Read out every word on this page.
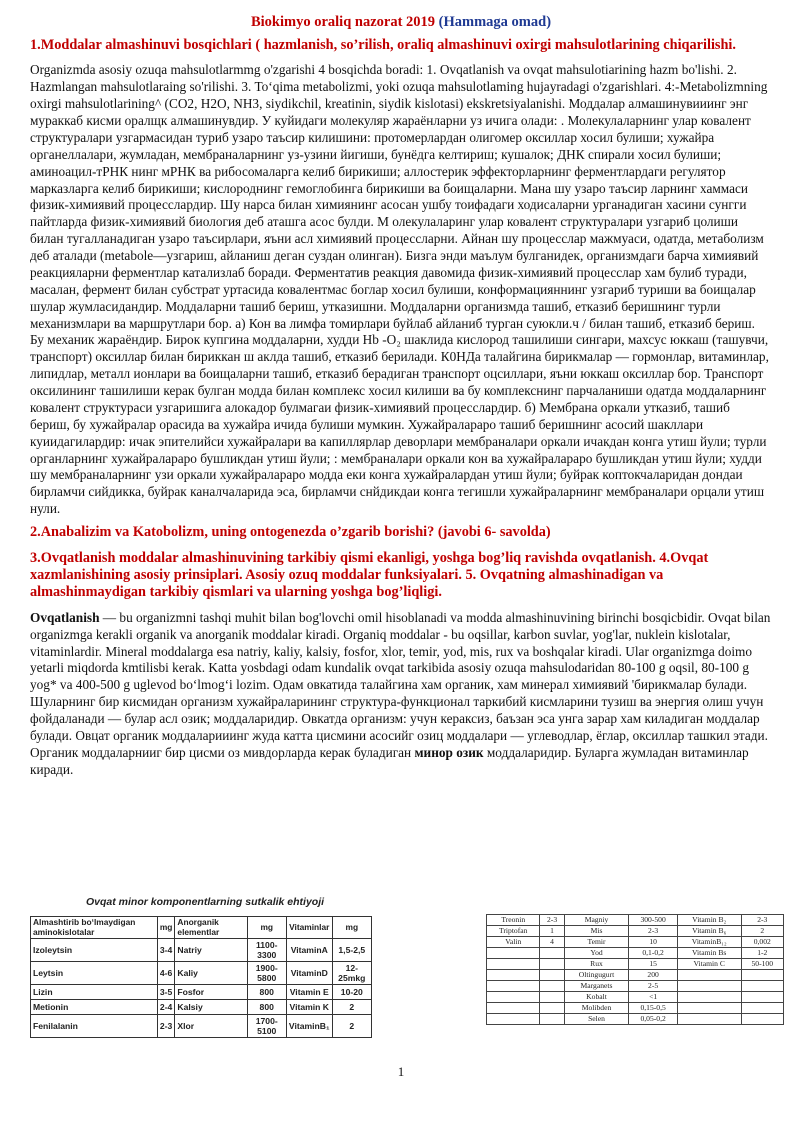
Biokimyo oraliq nazorat 2019 (Hammaga omad)
1.Moddalar almashinuvi bosqichlari ( hazmlanish, so’rilish, oraliq almashinuvi oxirgi mahsulotlarining chiqarilishi.

Organizmda asosiy ozuqa mahsulotlarmmg o'zgarishi 4 bosqichda boradi: 1. Ovqatlanish va ovqat mahsulotiarining hazm bo'lishi. 2. Hazmlangan mahsulotlaraing so'rilishi. 3. To‘qima metabolizmi, yoki ozuqa mahsulotlaming hujayradagi o'zgarishlari. 4:-Metabolizmning oxirgi mahsulotlarining^ (CO2, H2O, NH3, siydikchil, kreatinin, siydik kislotasi) ekskretsiyalanishi. Моддалар алмашинувииинг энг мураккаб кисми оралщк алмашинувдир. У куйидаги молекуляр жараёнларни уз ичига олади: . Молекулаларнинг улар ковалент структуралари узгармасидан туриб узаро таъсир килишини: протомерлардан олигомер оксиллар хосил булиши; хужайра органеллалари, жумладан, мембраналарнинг уз-узини йигиши, бунёдга келтириш; кушалок; ДНК спирали хосил булиши; аминоацил-тРНК нинг мРНК ва рибосомаларга келиб бирикиши; аллостерик эффекторларнинг ферментлардаги регулятор марказларга келиб бирикиши; кислороднинг гемоглобинга бирикиши ва боищаларни. Мана шу узаро таъсир ларнинг хаммаси физик-химиявий процесслардир. Шу нарса билан химиянинг асосан ушбу тоифадаги ходисаларни урганадиган хасини сунгги пайтларда физик-химиявий биология деб аташга асос булди. М олекулаларинг улар ковалент структуралари узгариб цолиши билан тугалланадиган узаро таъсирлари, яъни асл химиявий процессларни. Айнан шу процесслар мажмуаси, одатда, метаболизм деб аталади (metabole—узгариш, айланиш деган суздан олинган). Бизга энди маълум булганидек, организмдаги барча химиявий реакцияларни ферментлар катализлаб боради. Ферментатив реакция давомида физик-химиявий процесслар хам булиб туради, масалан, фермент билан субстрат уртасида ковалентмас боглар хосил булиши, конформацияннинг узгариб туриши ва боищалар шулар жумласидандир. Моддаларни ташиб бериш, утказишни. Моддаларни организмда ташиб, етказиб беришнинг турли механизмлари ва маршрутлари бор. а) Кон ва лимфа томирлари буйлаб айланиб турган суюкли.ч / билан ташиб, етказиб бериш. Бу механик жараёндир. Бирок купгина моддаларни, худди Hb -O₂ шаклида кислород ташилиши сингари, махсус юккаш (ташувчи, транспорт) оксиллар билан бириккан ш аклда ташиб, етказиб берилади. К0НДа талайгина бирикмалар — гормонлар, витаминлар, липидлар, металл ионлари ва боищаларни ташиб, етказиб берадиган транспорт оцсиллари, яъни юккаш оксиллар бор. Транспорт оксилининг ташилиши керак булган модда билан комплекс хосил килиши ва бу комплекснинг парчаланиши одатда моддаларнинг ковалент структураси узгаришига алокадор булмагаи физик-химиявий процесслардир. б) Мембрана оркали утказиб, ташиб бериш, бу хужайралар орасида ва хужайра ичида булиши мумкин. Хужайралараро ташиб беришнинг асосий шакллари куиидагилардир: ичак эпителийси хужайралари ва капиллярлар деворлари мембраналари оркали ичакдан конга утиш йули; турли органларнинг хужайралараро бушликдан утиш йули; : мембраналари оркали кон ва хужайралараро бушликдан утиш йули; худди шу мембраналарнинг узи оркали хужайралараро модда еки конга хужайралардан утиш йули; буйрак коптокчаларидан дондаи бирламчи сийдикка, буйрак каналчаларида эса, бирламчи снйдикдаи конга тегишли хужайраларнинг мембраналари орцали утиш нули.

2.Anabalizim va Katobolizm, uning ontogenezda o’zgarib borishi? (javobi 6- savolda)
3.Ovqatlanish moddalar almashinuvining tarkibiy qismi ekanligi, yoshga bog’liq ravishda ovqatlanish. 4.Ovqat xazmlanishining asosiy prinsiplari. Asosiy ozuq moddalar funksiyalari. 5. Ovqatning almashinadigan va almashinmaydigan tarkibiy qismlari va ularning yoshga bog’liqligi.

Ovqatlanish — bu organizmni tashqi muhit bilan bog'lovchi omil hisoblanadi va modda almashinuvining birinchi bosqicbidir. Ovqat bilan organizmga kerakli organik va anorganik moddalar kiradi. Organiq moddalar - bu oqsillar, karbon suvlar, yog'lar, nuklein kislotalar, vitaminlardir. Mineral moddalarga esa natriy, kaliy, kalsiy, fosfor, xlor, temir, yod, mis, rux va boshqalar kiradi. Ular organizmga doimo yetarli miqdorda kmtilisbi kerak. Katta yosbdagi odam kundalik ovqat tarkibida asosiy ozuqa mahsulodaridan 80-100 g oqsil, 80-100 g yog* va 400-500 g uglevod bo‘lmog‘i lozim. Одам овкатида талайгина хам органик, хам минерал химиявий 'бирикмалар булади. Шуларнинг бир кисмидан организм хужайраларининг структура-функционал таркибий кисмларини тузиш ва энергия олиш учун фойдаланади — булар асл озик; моддаларидир. Овкатда организм: учун кераксиз, баъзан эса унга зарар хам киладиган моддалар булади. Овцат органик моддаларииинг жуда катта цисмини асосийг озиц моддалари — углеводлар, ёглар, оксиллар ташкил этади. Органик моддаларнииг бир цисми оз мивдорларда керак буладиган минор озик моддаларидир. Буларга жумладан витаминлар киради.

Ovqat minor komponentlarning sutkalik ehtiyoji
Almashtirib bo‘lmaydigan aminokislotalar	mg	Anorganik elementlar	mg	Vitaminlar	mg
Izoleytsin	3-4	Natriy	1100- 3300	VitaminA	1,5-2,5
Leytsin	4-6	Kaliy	1900-5800	VitaminD	12-25mkg
Lizin	3-5	Fosfor	800	Vitamin E	10-20
Metionin	2-4	Kalsiy	800	Vitamin K	2
Fenilalanin	2-3	Xlor	1700- 5100	VitaminB₁	2
Treonin	2-3	Magniy	300-500	Vitamin B₂	2-3
Triptofan	1	Mis	2-3	Vitamin B₆	2
Valin	4	Temir	10	VitaminB₁₂	0,002
		Yod	0,1-0,2	Vitamin Bs	1-2
		Rux	15	Vitamin C	50-100
		Oltingugurt	200		
		Marganets	2-5		
		Kobalt	<1		
		Molibden	0,15-0,5		
		Selen	0,05-0,2		
1
